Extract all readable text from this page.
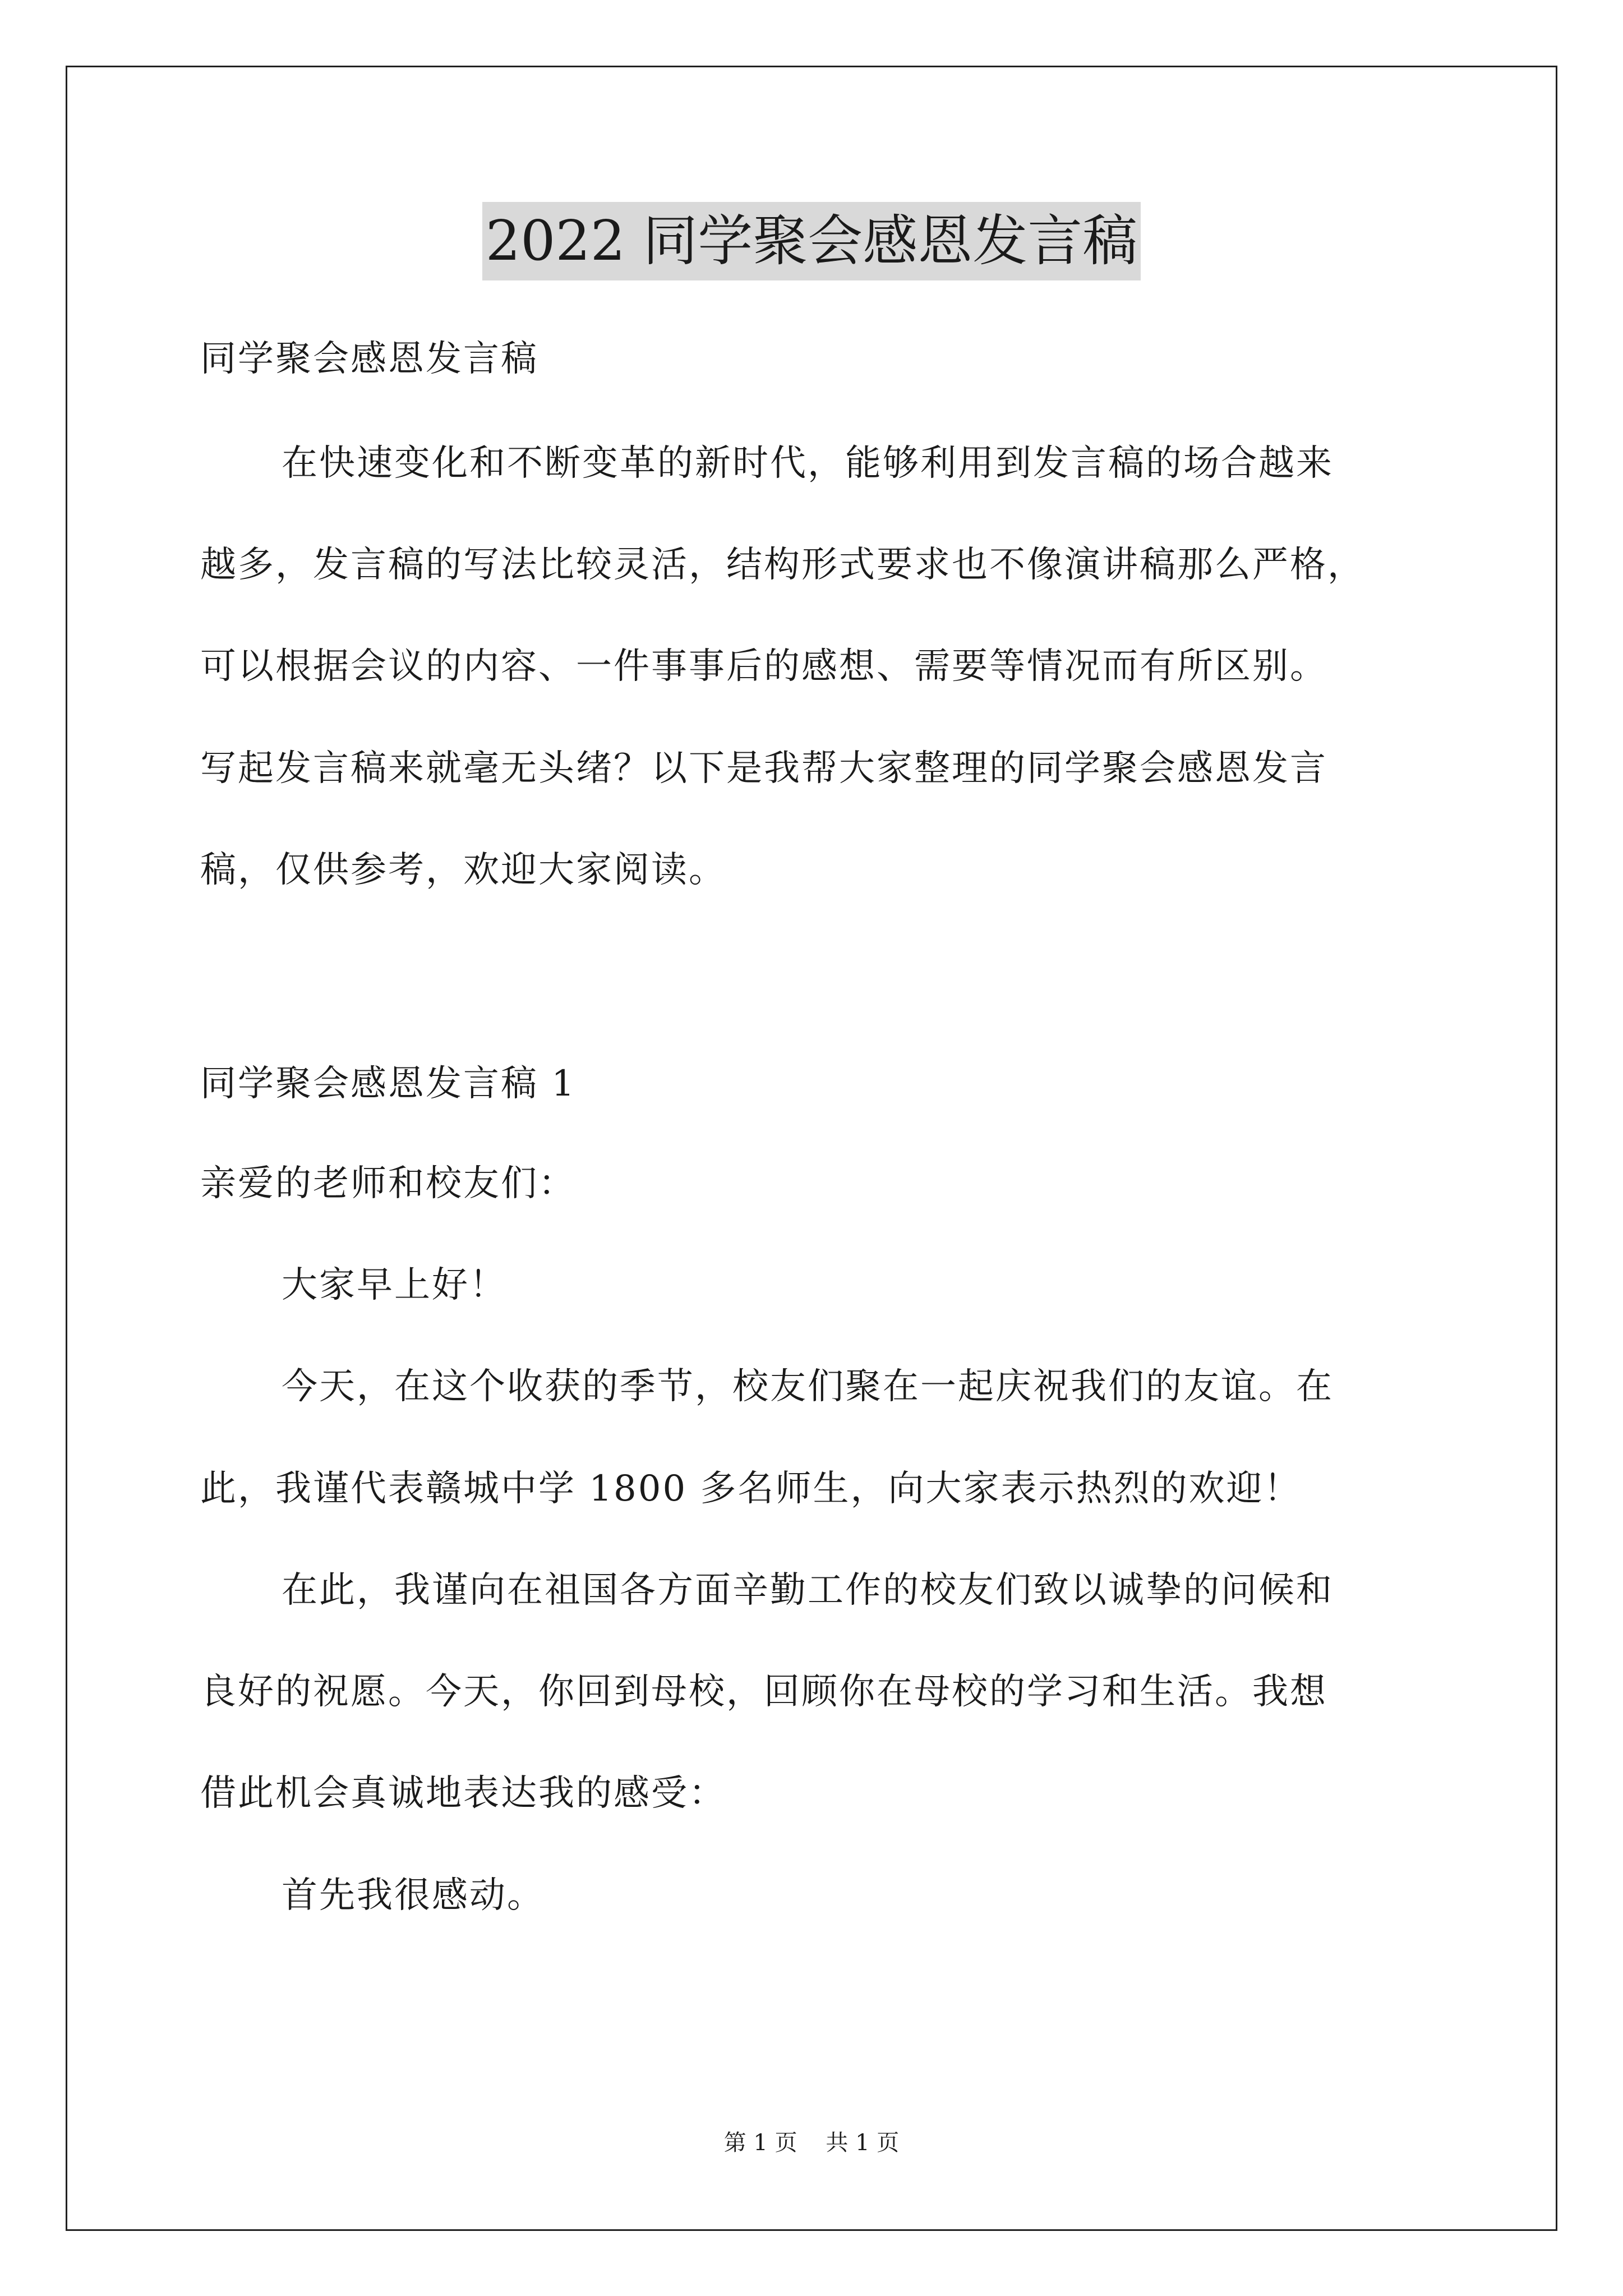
2022 同学聚会感恩发言稿
同学聚会感恩发言稿
在快速变化和不断变革的新时代，能够利用到发言稿的场合越来
越多，发言稿的写法比较灵活，结构形式要求也不像演讲稿那么严格，
可以根据会议的内容、一件事事后的感想、需要等情况而有所区别。
写起发言稿来就毫无头绪？以下是我帮大家整理的同学聚会感恩发言
稿，仅供参考，欢迎大家阅读。
同学聚会感恩发言稿 1
亲爱的老师和校友们：
大家早上好！
今天，在这个收获的季节，校友们聚在一起庆祝我们的友谊。在
此，我谨代表赣城中学 1800 多名师生，向大家表示热烈的欢迎！
在此，我谨向在祖国各方面辛勤工作的校友们致以诚挚的问候和
良好的祝愿。今天，你回到母校，回顾你在母校的学习和生活。我想
借此机会真诚地表达我的感受：
首先我很感动。
第 1 页    共 1 页
